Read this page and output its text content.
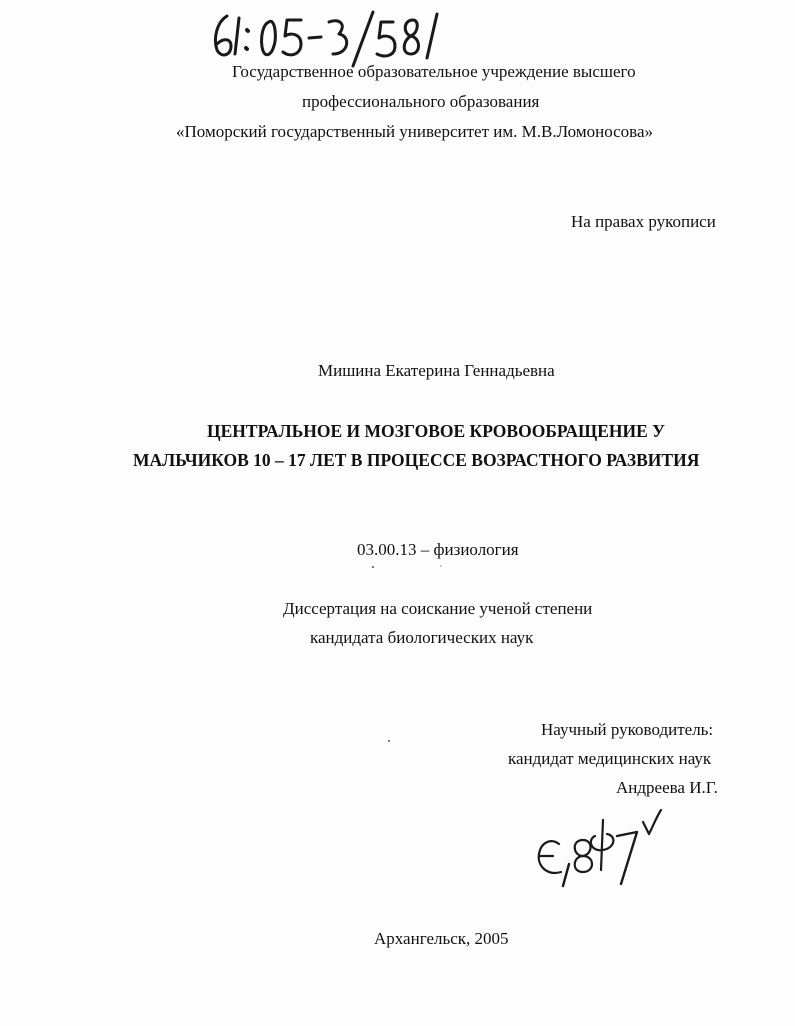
Государственное образовательное учреждение высшего
профессионального образования
«Поморский государственный университет им. М.В.Ломоносова»
На правах рукописи
Мишина Екатерина Геннадьевна
ЦЕНТРАЛЬНОЕ И МОЗГОВОЕ КРОВООБРАЩЕНИЕ У
МАЛЬЧИКОВ 10 – 17 ЛЕТ В ПРОЦЕССЕ ВОЗРАСТНОГО РАЗВИТИЯ
03.00.13 – физиология
Диссертация на соискание ученой степени
кандидата биологических наук
Научный руководитель:
кандидат медицинских наук
Андреева И.Г.
Архангельск, 2005
